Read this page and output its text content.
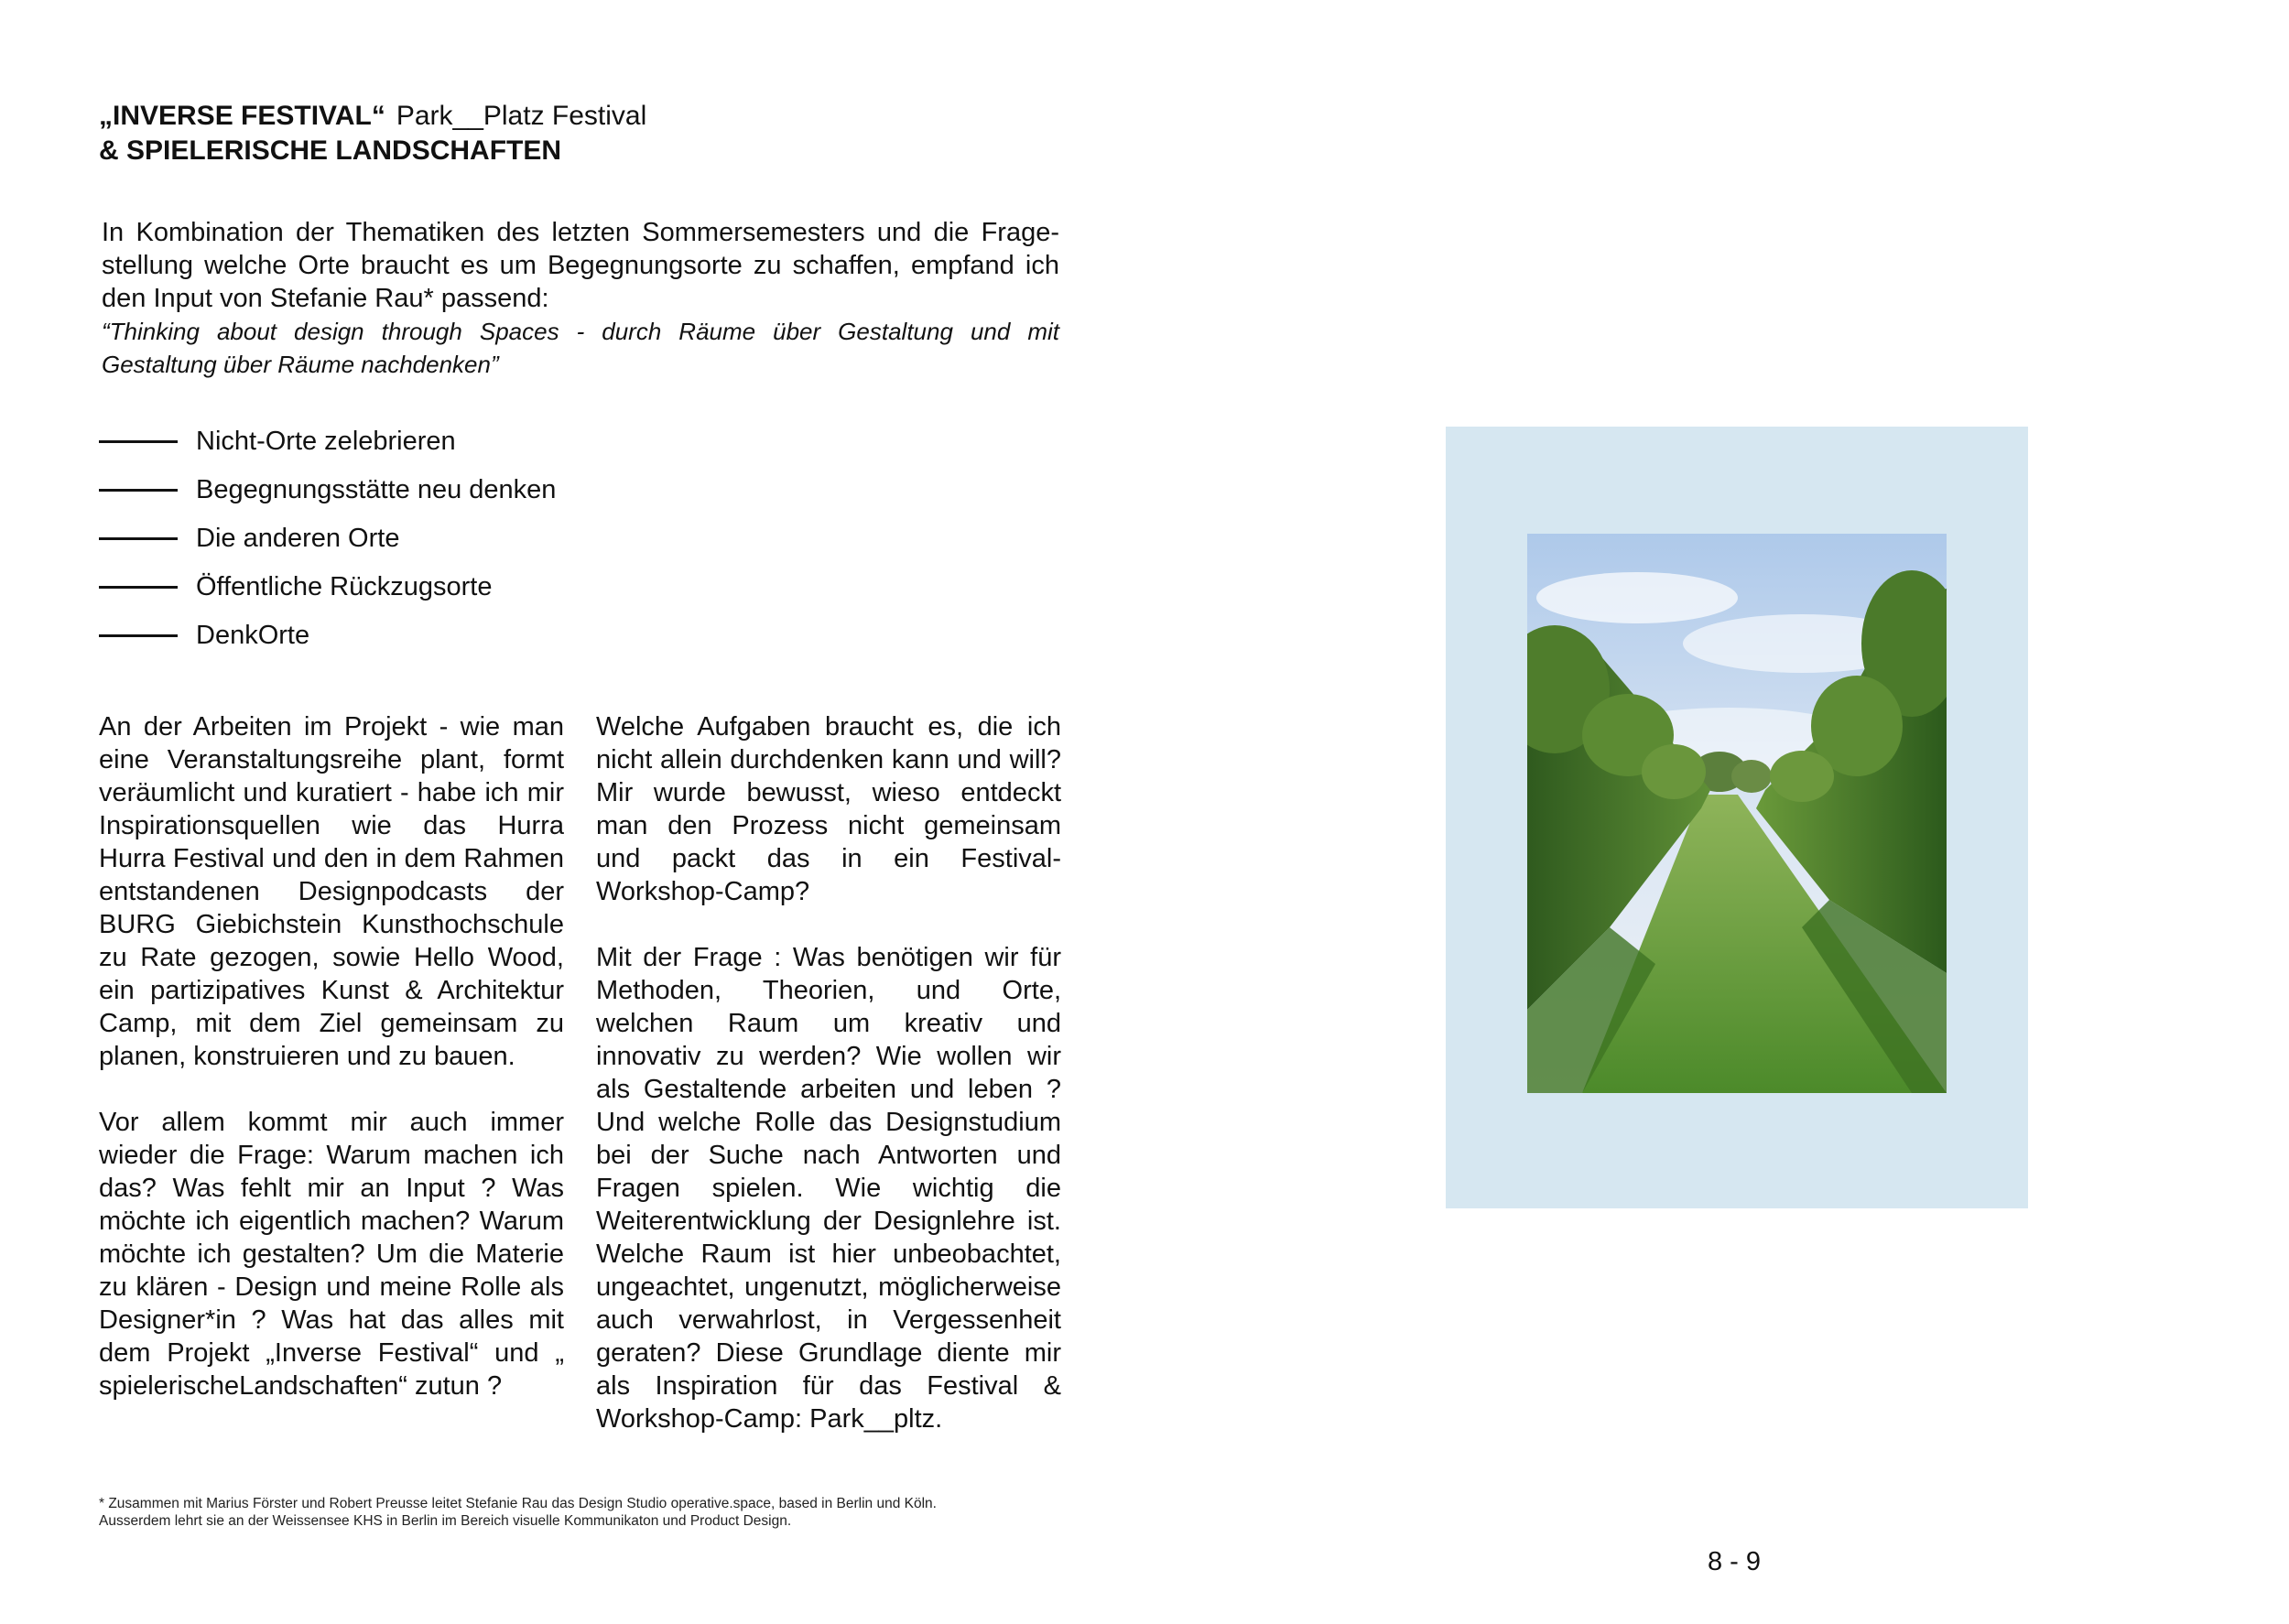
„INVERSE FESTIVAL“ Park__Platz Festival
& SPIELERISCHE LANDSCHAFTEN

In Kombination der Thematiken des letzten Sommersemesters und die Frage-stellung welche Orte braucht es um Begegnungsorte zu schaffen, empfand ich den Input von Stefanie Rau* passend:

“Thinking about design through Spaces - durch Räume über Gestaltung und mit Gestaltung über Räume nachdenken”

Nicht-Orte zelebrieren
Begegnungsstätte neu denken
Die anderen Orte
Öffentliche Rückzugsorte
DenkOrte

An der Arbeiten im Projekt - wie man eine Veranstaltungsreihe plant, formt veräumlicht und kuratiert - habe ich mir Inspirationsquellen wie das Hurra Hurra Festival und den in dem Rahmen entstandenen Designpodcasts der BURG Giebichstein Kunsthochschule zu Rate gezogen, sowie Hello Wood, ein partizipatives Kunst & Architektur Camp, mit dem Ziel gemeinsam zu planen, konstruieren und zu bauen.

Vor allem kommt mir auch immer wieder die Frage: Warum machen ich das? Was fehlt mir an Input ? Was möchte ich eigentlich machen? Warum möchte ich gestalten? Um die Materie zu klären - Design und meine Rolle als Designer*in ? Was hat das alles mit dem Projekt „Inverse Festival“ und „ spielerischeLandschaften“ zutun ?

Welche Aufgaben braucht es, die ich nicht allein durchdenken kann und will? Mir wurde bewusst, wieso entdeckt man den Prozess nicht gemeinsam und packt das in ein Festival-Workshop-Camp?

Mit der Frage : Was benötigen wir für Methoden, Theorien, und Orte, welchen Raum um kreativ und innovativ zu werden? Wie wollen wir als Gestaltende arbeiten und leben ? Und welche Rolle das Designstudium bei der Suche nach Antworten und Fragen spielen. Wie wichtig die Weiterentwicklung der Designlehre ist. Welche Raum ist hier unbeobachtet, ungeachtet, ungenutzt, möglicherweise auch verwahrlost, in Vergessenheit geraten? Diese Grundlage diente mir als Inspiration für das Festival & Workshop-Camp: Park__pltz.

* Zusammen mit Marius Förster und Robert Preusse leitet Stefanie Rau das Design Studio operative.space, based in Berlin und Köln.

Ausserdem lehrt sie an der Weissensee KHS in Berlin im Bereich visuelle Kommunikaton und Product Design.

8 - 9
